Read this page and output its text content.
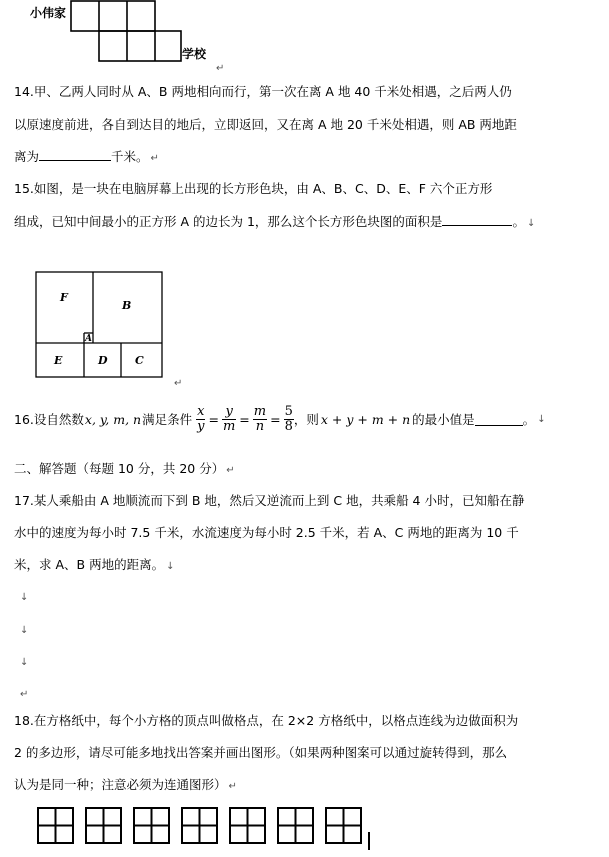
小伟家
学校
↵
14.甲、乙两人同时从 A、B 两地相向而行，第一次在离 A 地 40 千米处相遇，之后两人仍
以原速度前进，各自到达目的地后，立即返回，又在离 A 地 20 千米处相遇，则 AB 两地距
离为	千米。 ↵
15.如图，是一块在电脑屏幕上出现的长方形色块，由 A、B、C、D、E、F 六个正方形
组成，已知中间最小的正方形 A 的边长为 1，那么这个长方形色块图的面积是	。 ↓
F
B
A
E	D C
↵
16.设自然数 x, y, m, n 满足条件 $\frac{x}{y} = \frac{y}{m} = \frac{m}{n} = \frac{5}{8}$ ，则 x + y + m + n 的最小值是	。 ↓
二、解答题（每题 10 分，共 20 分） ↵
17.某人乘船由 A 地顺流而下到 B 地，然后又逆流而上到 C 地，共乘船 4 小时，已知船在静
水中的速度为每小时 7.5 千米，水流速度为每小时 2.5 千米，若 A、C 两地的距离为 10 千
米，求 A、B 两地的距离。 ↓
↓
↓
↓
↵
18.在方格纸中，每个小方格的顶点叫做格点，在 2×2 方格纸中，以格点连线为边做面积为
2 的多边形，请尽可能多地找出答案并画出图形。（如果两种图案可以通过旋转得到，那么
认为是同一种；注意必须为连通图形） ↵
